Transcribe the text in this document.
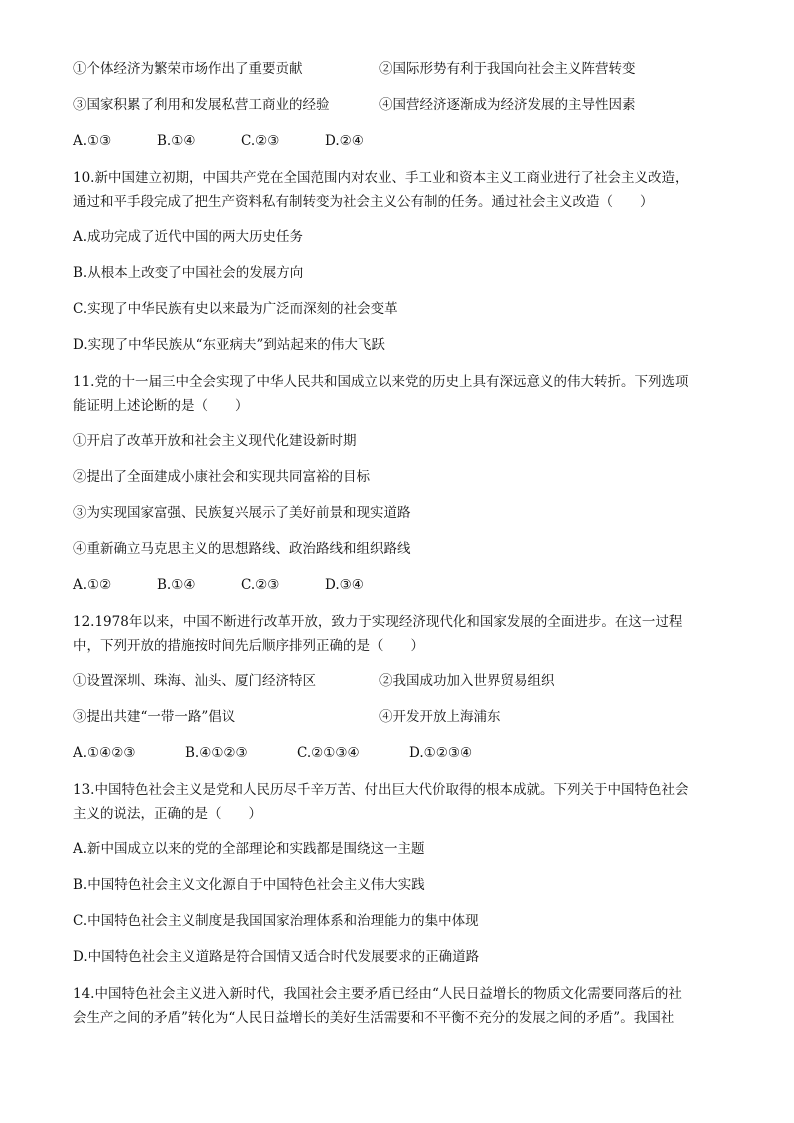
①个体经济为繁荣市场作出了重要贡献	②国际形势有利于我国向社会主义阵营转变
③国家积累了利用和发展私营工商业的经验	④国营经济逐渐成为经济发展的主导性因素
A.①③	B.①④	C.②③	D.②④
10.新中国建立初期，中国共产党在全国范围内对农业、手工业和资本主义工商业进行了社会主义改造，
通过和平手段完成了把生产资料私有制转变为社会主义公有制的任务。通过社会主义改造（　　）
A.成功完成了近代中国的两大历史任务
B.从根本上改变了中国社会的发展方向
C.实现了中华民族有史以来最为广泛而深刻的社会变革
D.实现了中华民族从“东亚病夫”到站起来的伟大飞跃
11.党的十一届三中全会实现了中华人民共和国成立以来党的历史上具有深远意义的伟大转折。下列选项
能证明上述论断的是（　　）
①开启了改革开放和社会主义现代化建设新时期
②提出了全面建成小康社会和实现共同富裕的目标
③为实现国家富强、民族复兴展示了美好前景和现实道路
④重新确立马克思主义的思想路线、政治路线和组织路线
A.①②	B.①④	C.②③	D.③④
12.1978年以来，中国不断进行改革开放，致力于实现经济现代化和国家发展的全面进步。在这一过程
中，下列开放的措施按时间先后顺序排列正确的是（　　）
①设置深圳、珠海、汕头、厦门经济特区	②我国成功加入世界贸易组织
③提出共建“一带一路”倡议	④开发开放上海浦东
A.①④②③	B.④①②③	C.②①③④	D.①②③④
13.中国特色社会主义是党和人民历尽千辛万苦、付出巨大代价取得的根本成就。下列关于中国特色社会
主义的说法，正确的是（　　）
A.新中国成立以来的党的全部理论和实践都是围绕这一主题
B.中国特色社会主义文化源自于中国特色社会主义伟大实践
C.中国特色社会主义制度是我国国家治理体系和治理能力的集中体现
D.中国特色社会主义道路是符合国情又适合时代发展要求的正确道路
14.中国特色社会主义进入新时代，我国社会主要矛盾已经由“人民日益增长的物质文化需要同落后的社
会生产之间的矛盾”转化为“人民日益增长的美好生活需要和不平衡不充分的发展之间的矛盾”。我国社
